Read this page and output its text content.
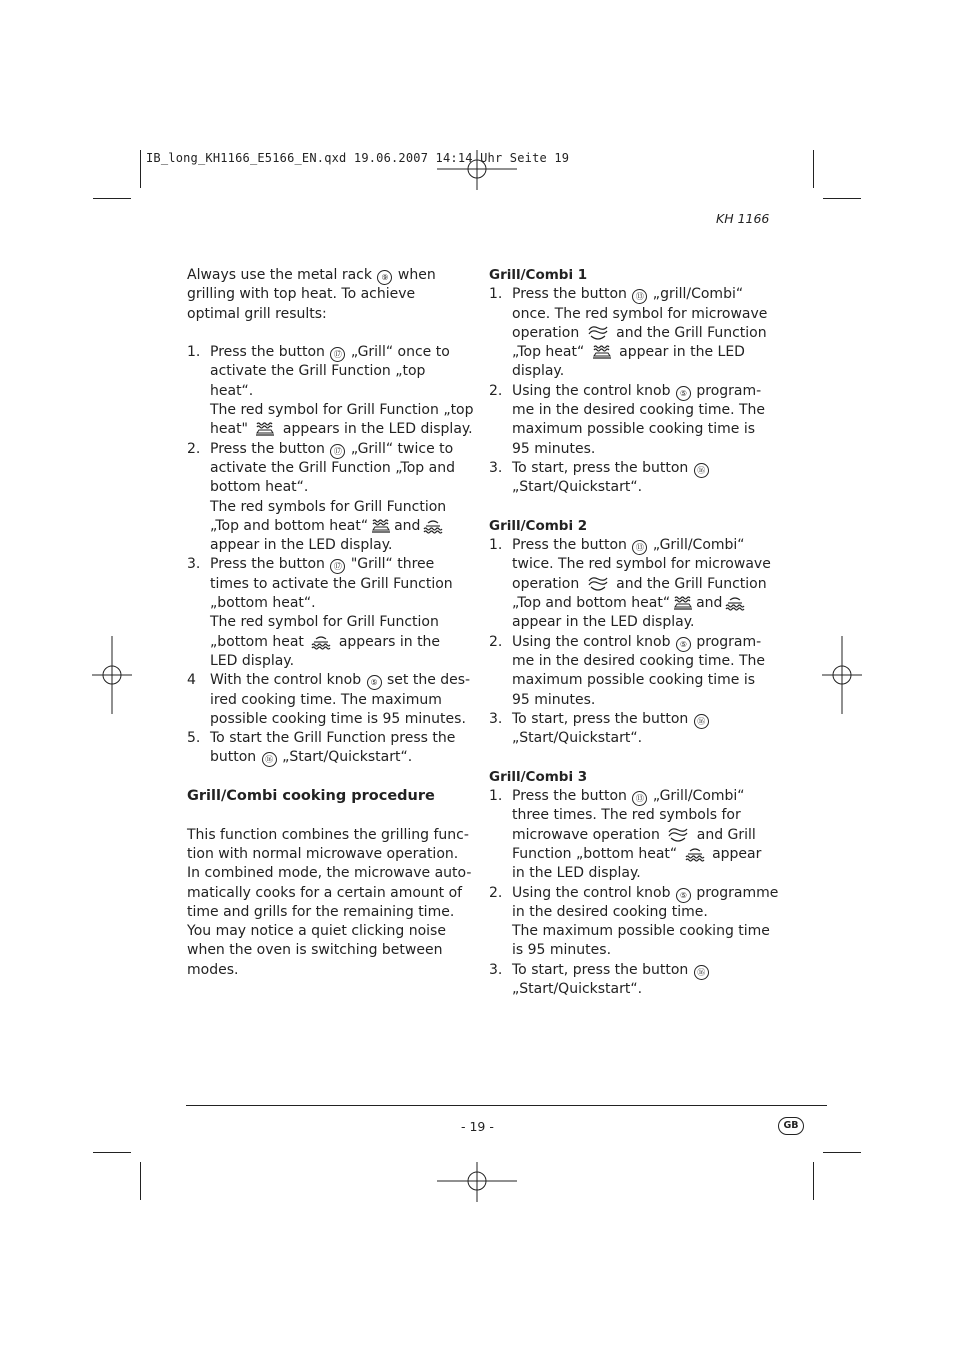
IB_long_KH1166_E5166_EN.qxd 19.06.2007 14:14 Uhr Seite 19
KH 1166
Always use the metal rack ⑨ when
grilling with top heat. To achieve
optimal grill results:
1. Press the button ⑰ „Grill“ once to
activate the Grill Function „top
heat“.
The red symbol for Grill Function „top
heat" appears in the LED display.
2. Press the button ⑰ „Grill“ twice to
activate the Grill Function „Top and
bottom heat“.
The red symbols for Grill Function
„Top and bottom heat“ and
appear in the LED display.
3. Press the button ⑰ "Grill“ three
times to activate the Grill Function
„bottom heat“.
The red symbol for Grill Function
„bottom heat appears in the
LED display.
4 With the control knob ⑤ set the des-
ired cooking time. The maximum
possible cooking time is 95 minutes.
5. To start the Grill Function press the
button ⑯ „Start/Quickstart“.
Grill/Combi cooking procedure
This function combines the grilling func-
tion with normal microwave operation.
In combined mode, the microwave auto-
matically cooks for a certain amount of
time and grills for the remaining time.
You may notice a quiet clicking noise
when the oven is switching between
modes.
Grill/Combi 1
1. Press the button ⑬ „grill/Combi“
once. The red symbol for microwave
operation	and the Grill Function
„Top heat“ appear in the LED
display.
2. Using the control knob ⑤ program-
me in the desired cooking time. The
maximum possible cooking time is
95 minutes.
3. To start, press the button ⑯
„Start/Quickstart“.
Grill/Combi 2
1. Press the button ⑬ „Grill/Combi“
twice. The red symbol for microwave
operation	and the Grill Function
„Top and bottom heat“ and
appear in the LED display.
2. Using the control knob ⑤ program-
me in the desired cooking time. The
maximum possible cooking time is
95 minutes.
3. To start, press the button ⑯
„Start/Quickstart“.
Grill/Combi 3
1. Press the button ⑬ „Grill/Combi“
three times. The red symbols for
microwave operation	and Grill
Function „bottom heat“ appear
in the LED display.
2. Using the control knob ⑤ programme
in the desired cooking time.
The maximum possible cooking time
is 95 minutes.
3. To start, press the button ⑯
„Start/Quickstart“.
- 19 -	GB
